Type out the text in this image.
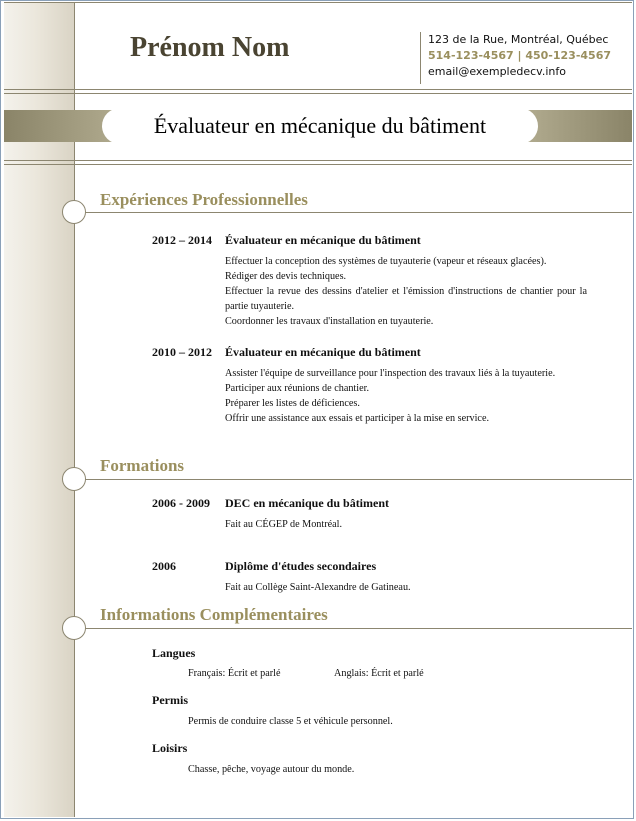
Prénom Nom	123 de la Rue, Montréal, Québec
514-123-4567 | 450-123-4567
email@exempledecv.info
Évaluateur en mécanique du bâtiment
Expériences Professionnelles
2012 – 2014 Évaluateur en mécanique du bâtiment
Effectuer la conception des systèmes de tuyauterie (vapeur et réseaux glacées).
Rédiger des devis techniques.
Effectuer la revue des dessins d'atelier et l'émission d'instructions de chantier pour la partie tuyauterie.
Coordonner les travaux d'installation en tuyauterie.
2010 – 2012 Évaluateur en mécanique du bâtiment
Assister l'équipe de surveillance pour l'inspection des travaux liés à la tuyauterie.
Participer aux réunions de chantier.
Préparer les listes de déficiences.
Offrir une assistance aux essais et participer à la mise en service.
Formations
2006 - 2009 DEC en mécanique du bâtiment
Fait au CÉGEP de Montréal.
2006	Diplôme d'études secondaires
Fait au Collège Saint-Alexandre de Gatineau.
Informations Complémentaires
Langues
Français: Écrit et parlé	Anglais: Écrit et parlé
Permis
Permis de conduire classe 5 et véhicule personnel.
Loisirs
Chasse, pêche, voyage autour du monde.
